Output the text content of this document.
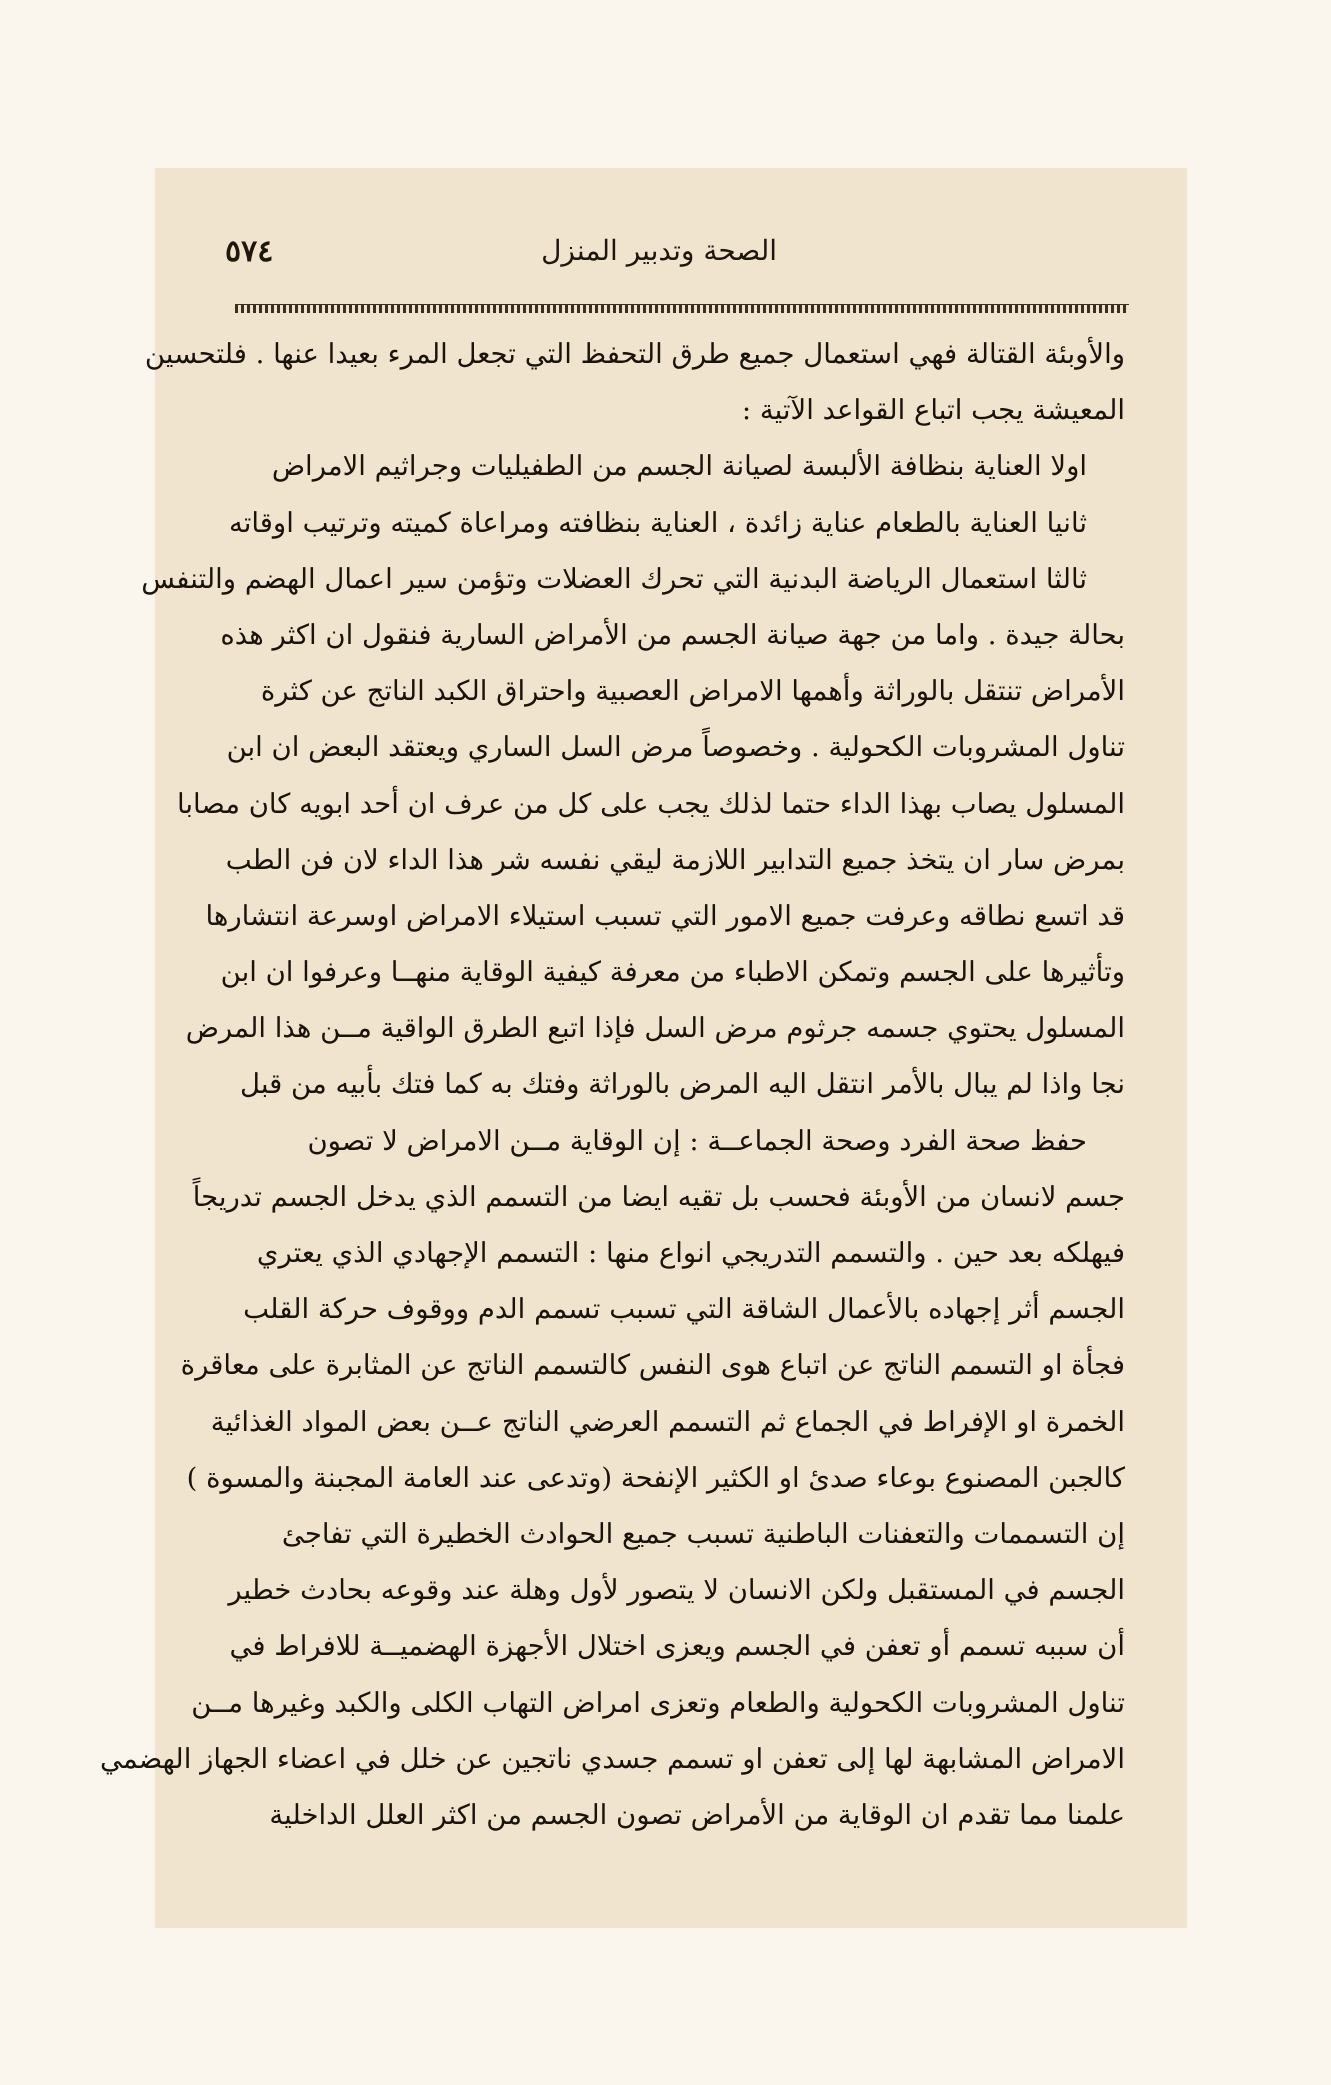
الصحة وتدبير المنزل
٥٧٤
والأوبئة القتالة فهي استعمال جميع طرق التحفظ التي تجعل المرء بعيدا عنها . فلتحسين
المعيشة يجب اتباع القواعد الآتية :
اولا العناية بنظافة الألبسة لصيانة الجسم من الطفيليات وجراثيم الامراض
ثانيا العناية بالطعام عناية زائدة ، العناية بنظافته ومراعاة كميته وترتيب اوقاته
ثالثا استعمال الرياضة البدنية التي تحرك العضلات وتؤمن سير اعمال الهضم والتنفس
بحالة جيدة . واما من جهة صيانة الجسم من الأمراض السارية فنقول ان اكثر هذه
الأمراض تنتقل بالوراثة وأهمها الامراض العصبية واحتراق الكبد الناتج عن كثرة
تناول المشروبات الكحولية . وخصوصاً مرض السل الساري ويعتقد البعض ان ابن
المسلول يصاب بهذا الداء حتما لذلك يجب على كل من عرف ان أحد ابويه كان مصابا
بمرض سار ان يتخذ جميع التدابير اللازمة ليقي نفسه شر هذا الداء لان فن الطب
قد اتسع نطاقه وعرفت جميع الامور التي تسبب استيلاء الامراض اوسرعة انتشارها
وتأثيرها على الجسم وتمكن الاطباء من معرفة كيفية الوقاية منهــا وعرفوا ان ابن
المسلول يحتوي جسمه جرثوم مرض السل فإذا اتبع الطرق الواقية مــن هذا المرض
نجا واذا لم يبال بالأمر انتقل اليه المرض بالوراثة وفتك به كما فتك بأبيه من قبل
حفظ صحة الفرد وصحة الجماعــة : إن الوقاية مــن الامراض لا تصون
جسم لانسان من الأوبئة فحسب بل تقيه ايضا من التسمم الذي يدخل الجسم تدريجاً
فيهلكه بعد حين . والتسمم التدريجي انواع منها : التسمم الإجهادي الذي يعتري
الجسم أثر إجهاده بالأعمال الشاقة التي تسبب تسمم الدم ووقوف حركة القلب
فجأة او التسمم الناتج عن اتباع هوى النفس كالتسمم الناتج عن المثابرة على معاقرة
الخمرة او الإفراط في الجماع ثم التسمم العرضي الناتج عــن بعض المواد الغذائية
كالجبن المصنوع بوعاء صدئ او الكثير الإنفحة (وتدعى عند العامة المجبنة والمسوة )
إن التسممات والتعفنات الباطنية تسبب جميع الحوادث الخطيرة التي تفاجئ
الجسم في المستقبل ولكن الانسان لا يتصور لأول وهلة عند وقوعه بحادث خطير
أن سببه تسمم أو تعفن في الجسم ويعزى اختلال الأجهزة الهضميــة للافراط في
تناول المشروبات الكحولية والطعام وتعزى امراض التهاب الكلى والكبد وغيرها مــن
الامراض المشابهة لها إلى تعفن او تسمم جسدي ناتجين عن خلل في اعضاء الجهاز الهضمي
علمنا مما تقدم ان الوقاية من الأمراض تصون الجسم من اكثر العلل الداخلية
